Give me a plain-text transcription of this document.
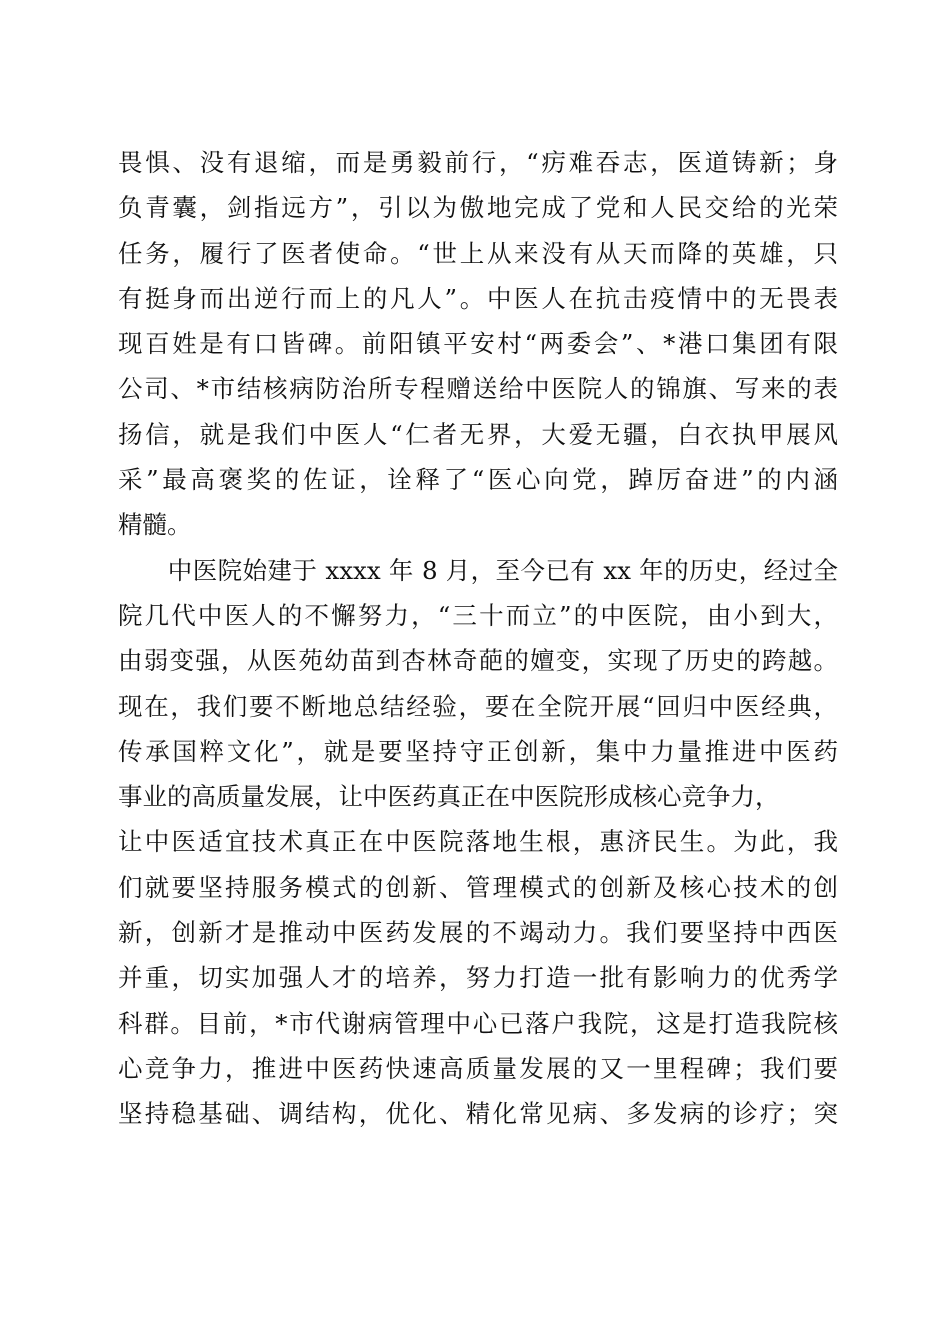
畏惧、没有退缩，而是勇毅前行，“疠难吞志，医道铸新；身
负青囊，剑指远方”，引以为傲地完成了党和人民交给的光荣
任务，履行了医者使命。“世上从来没有从天而降的英雄，只
有挺身而出逆行而上的凡人”。中医人在抗击疫情中的无畏表
现百姓是有口皆碑。前阳镇平安村“两委会”、*港口集团有限
公司、*市结核病防治所专程赠送给中医院人的锦旗、写来的表
扬信，就是我们中医人“仁者无界，大爱无疆，白衣执甲展风
采”最高褒奖的佐证，诠释了“医心向党，踔厉奋进”的内涵
精髓。
　　中医院始建于 xxxx 年 8 月，至今已有 xx 年的历史，经过全
院几代中医人的不懈努力，“三十而立”的中医院，由小到大，
由弱变强，从医苑幼苗到杏林奇葩的嬗变，实现了历史的跨越。
现在，我们要不断地总结经验，要在全院开展“回归中医经典，
传承国粹文化”，就是要坚持守正创新，集中力量推进中医药
事业的高质量发展，让中医药真正在中医院形成核心竞争力，
让中医适宜技术真正在中医院落地生根，惠济民生。为此，我
们就要坚持服务模式的创新、管理模式的创新及核心技术的创
新，创新才是推动中医药发展的不竭动力。我们要坚持中西医
并重，切实加强人才的培养，努力打造一批有影响力的优秀学
科群。目前，*市代谢病管理中心已落户我院，这是打造我院核
心竞争力，推进中医药快速高质量发展的又一里程碑；我们要
坚持稳基础、调结构，优化、精化常见病、多发病的诊疗；突
